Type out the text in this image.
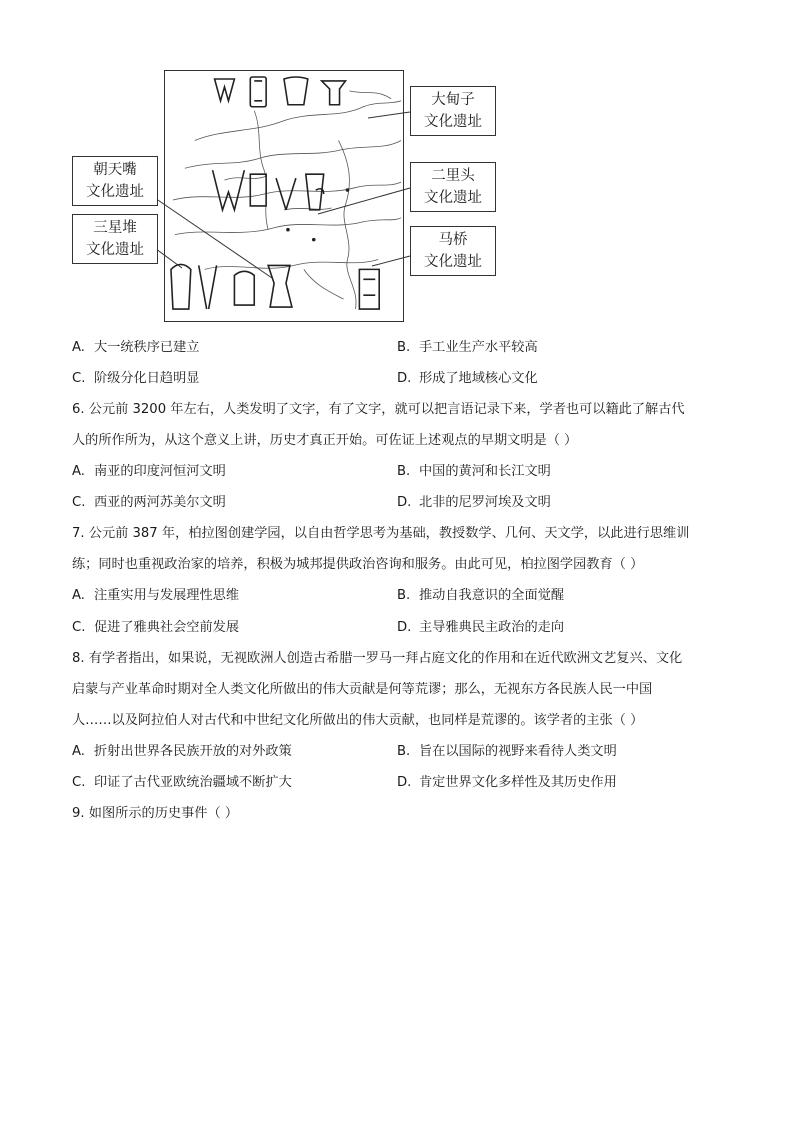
大甸子
文化遗址
朝天嘴
文化遗址
二里头
文化遗址
三星堆
文化遗址
马桥
文化遗址
A. 大一统秩序已建立	B. 手工业生产水平较高
C. 阶级分化日趋明显	D. 形成了地域核心文化
6. 公元前 3200 年左右，人类发明了文字，有了文字，就可以把言语记录下来，学者也可以籍此了解古代
人的所作所为，从这个意义上讲，历史才真正开始。可佐证上述观点的早期文明是（ ）
A. 南亚的印度河恒河文明	B. 中国的黄河和长江文明
C. 西亚的两河苏美尔文明	D. 北非的尼罗河埃及文明
7. 公元前 387 年，柏拉图创建学园，以自由哲学思考为基础，教授数学、几何、天文学，以此进行思维训
练；同时也重视政治家的培养，积极为城邦提供政治咨询和服务。由此可见，柏拉图学园教育（ ）
A. 注重实用与发展理性思维	B. 推动自我意识的全面觉醒
C. 促进了雅典社会空前发展	D. 主导雅典民主政治的走向
8. 有学者指出，如果说，无视欧洲人创造古希腊一罗马一拜占庭文化的作用和在近代欧洲文艺复兴、文化
启蒙与产业革命时期对全人类文化所做出的伟大贡献是何等荒谬；那么，无视东方各民族人民一中国
人……以及阿拉伯人对古代和中世纪文化所做出的伟大贡献，也同样是荒谬的。该学者的主张（ ）
A. 折射出世界各民族开放的对外政策	B. 旨在以国际的视野来看待人类文明
C. 印证了古代亚欧统治疆域不断扩大	D. 肯定世界文化多样性及其历史作用
9. 如图所示的历史事件（ ）
